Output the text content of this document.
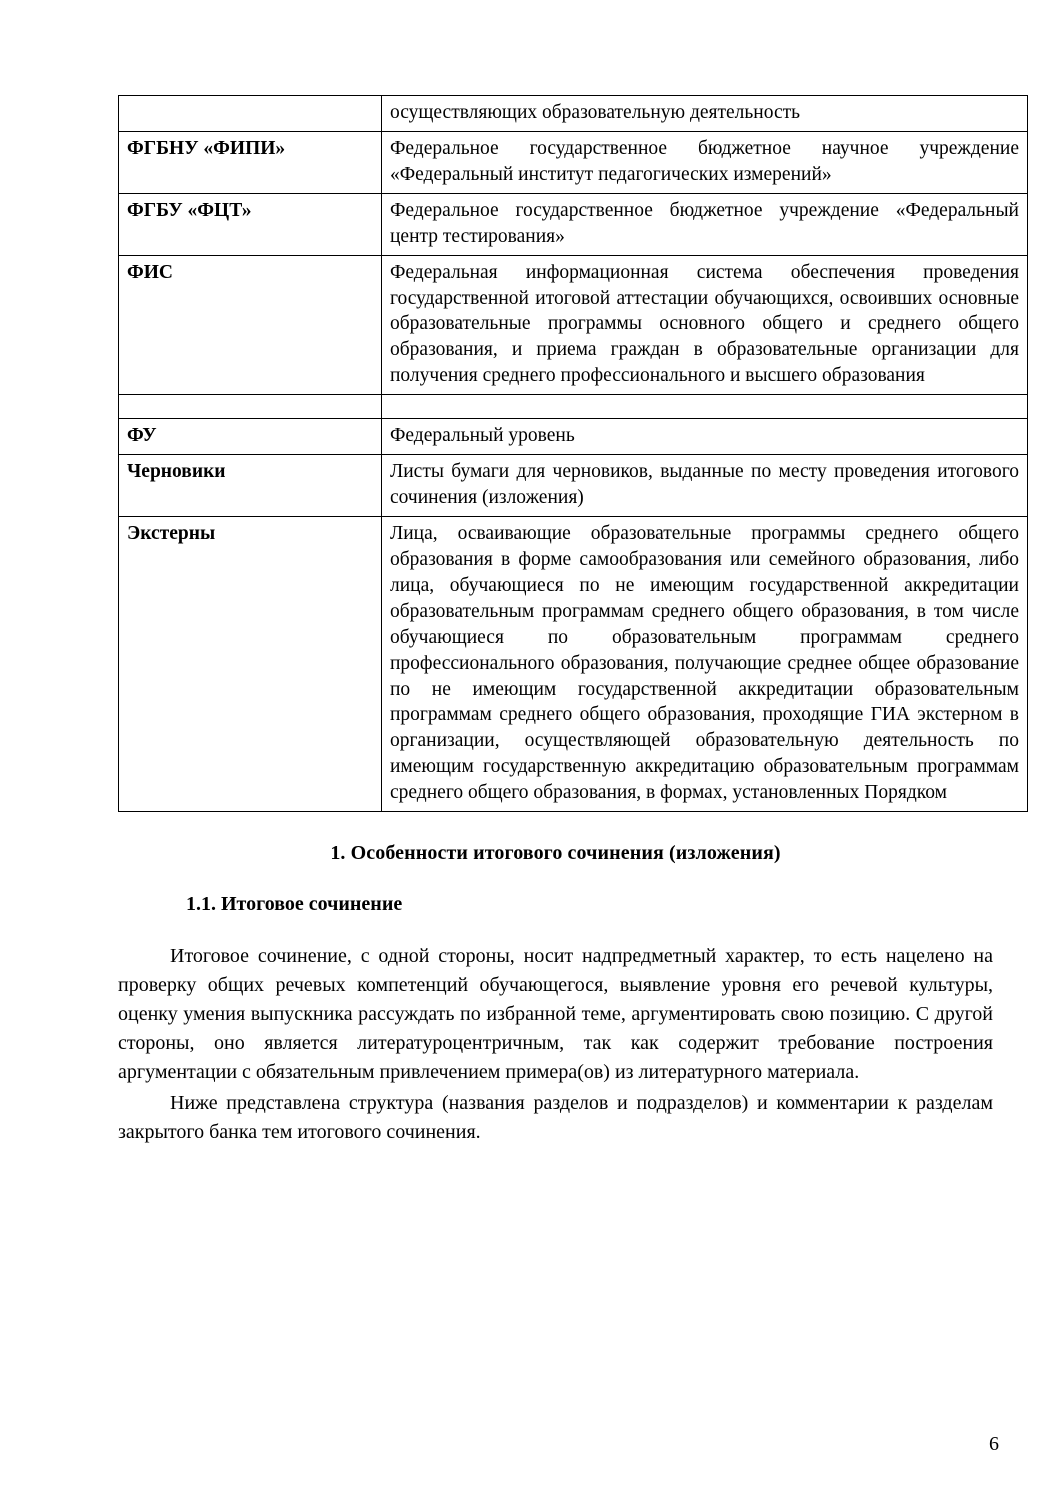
	осуществляющих образовательную деятельность
ФГБНУ «ФИПИ»	Федеральное государственное бюджетное научное учреждение «Федеральный институт педагогических измерений»
ФГБУ «ФЦТ»	Федеральное государственное бюджетное учреждение «Федеральный центр тестирования»
ФИС	Федеральная информационная система обеспечения проведения государственной итоговой аттестации обучающихся, освоивших основные образовательные программы основного общего и среднего общего образования, и приема граждан в образовательные организации для получения среднего профессионального и высшего образования

ФУ	Федеральный уровень
Черновики	Листы бумаги для черновиков, выданные по месту проведения итогового сочинения (изложения)
Экстерны	Лица, осваивающие образовательные программы среднего общего образования в форме самообразования или семейного образования, либо лица, обучающиеся по не имеющим государственной аккредитации образовательным программам среднего общего образования, в том числе обучающиеся по образовательным программам среднего профессионального образования, получающие среднее общее образование по не имеющим государственной аккредитации образовательным программам среднего общего образования, проходящие ГИА экстерном в организации, осуществляющей образовательную деятельность по имеющим государственную аккредитацию образовательным программам среднего общего образования, в формах, установленных Порядком
1. Особенности итогового сочинения (изложения)
1.1. Итоговое сочинение

Итоговое сочинение, с одной стороны, носит надпредметный характер, то есть нацелено на проверку общих речевых компетенций обучающегося, выявление уровня его речевой культуры, оценку умения выпускника рассуждать по избранной теме, аргументировать свою позицию. С другой стороны, оно является литературоцентричным, так как содержит требование построения аргументации с обязательным привлечением примера(ов) из литературного материала.

Ниже представлена структура (названия разделов и подразделов) и комментарии к разделам закрытого банка тем итогового сочинения.

6
